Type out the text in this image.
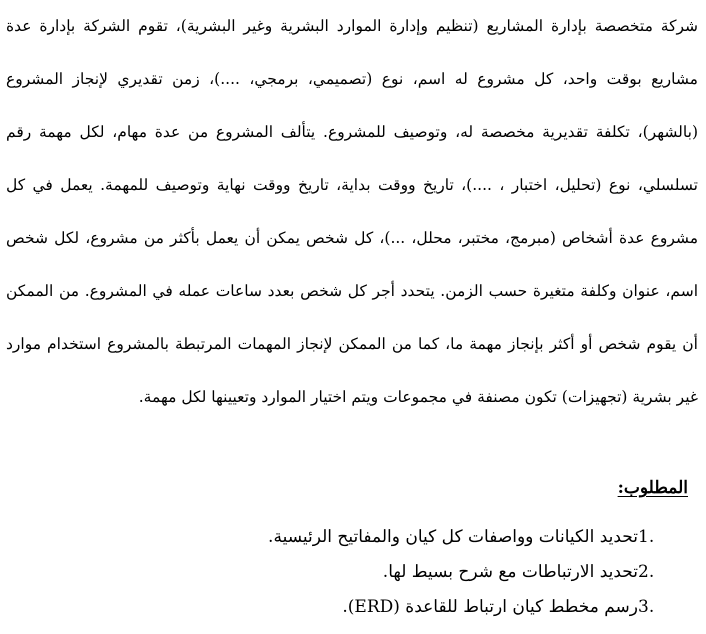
شركة متخصصة بإدارة المشاريع (تنظيم وإدارة الموارد البشرية وغير البشرية)، تقوم الشركة بإدارة عدة مشاريع بوقت واحد، كل مشروع له اسم، نوع (تصميمي، برمجي، ....)، زمن تقديري لإنجاز المشروع (بالشهر)، تكلفة تقديرية مخصصة له، وتوصيف للمشروع. يتألف المشروع من عدة مهام، لكل مهمة رقم تسلسلي، نوع (تحليل، اختبار ، ....)، تاريخ ووقت بداية، تاريخ ووقت نهاية وتوصيف للمهمة. يعمل في كل مشروع عدة أشخاص (مبرمج، مختبر، محلل، ...)، كل شخص يمكن أن يعمل بأكثر من مشروع، لكل شخص اسم، عنوان وكلفة متغيرة حسب الزمن. يتحدد أجر كل شخص بعدد ساعات عمله في المشروع. من الممكن أن يقوم شخص أو أكثر بإنجاز مهمة ما، كما من الممكن لإنجاز المهمات المرتبطة بالمشروع استخدام موارد غير بشرية (تجهيزات) تكون مصنفة في مجموعات ويتم اختيار الموارد وتعيينها لكل مهمة.

المطلوب:
1.
تحديد الكيانات وواصفات كل كيان والمفاتيح الرئيسية.
2.
تحديد الارتباطات مع شرح بسيط لها.
3.
رسم مخطط كيان ارتباط للقاعدة (ERD).
